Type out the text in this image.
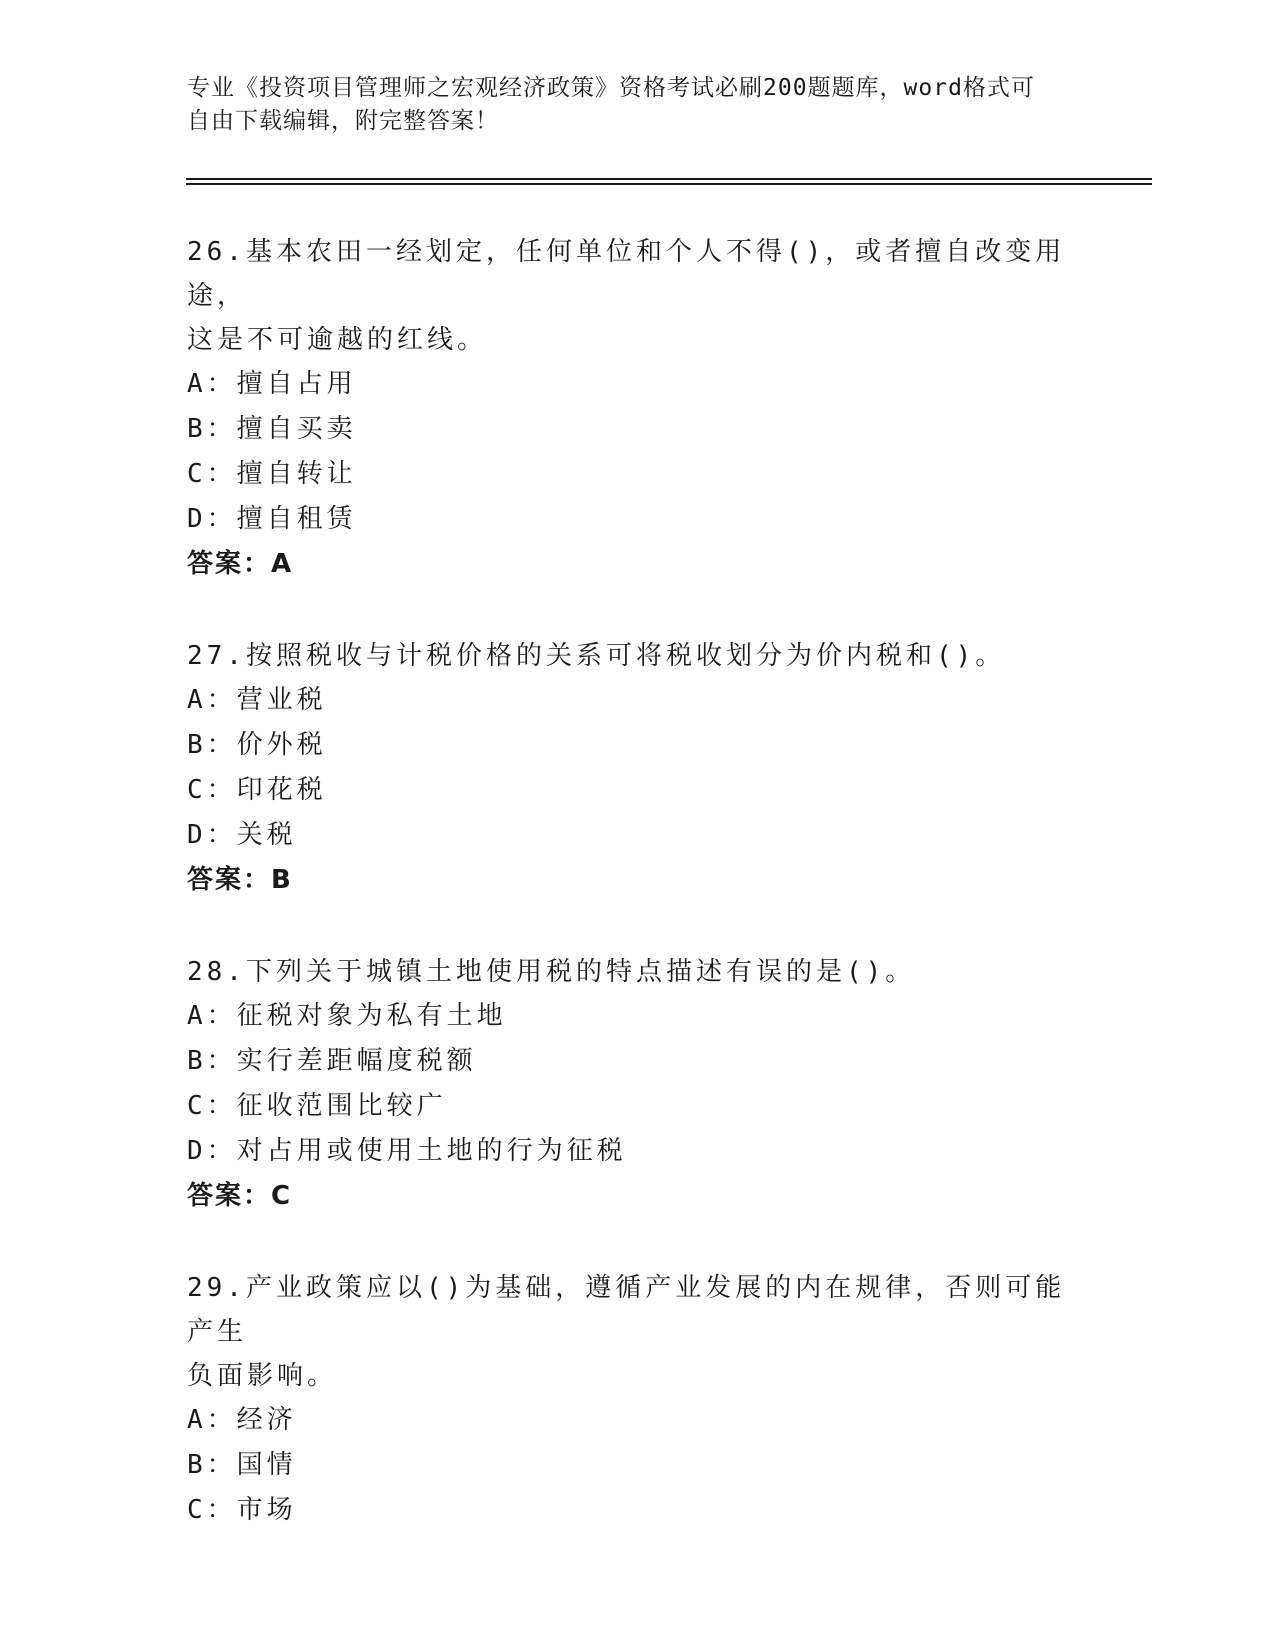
专业《投资项目管理师之宏观经济政策》资格考试必刷200题题库，word格式可
自由下载编辑，附完整答案！
26.基本农田一经划定，任何单位和个人不得()，或者擅自改变用途，
这是不可逾越的红线。
A：擅自占用
B：擅自买卖
C：擅自转让
D：擅自租赁
答案：A
27.按照税收与计税价格的关系可将税收划分为价内税和()。
A：营业税
B：价外税
C：印花税
D：关税
答案：B
28.下列关于城镇土地使用税的特点描述有误的是()。
A：征税对象为私有土地
B：实行差距幅度税额
C：征收范围比较广
D：对占用或使用土地的行为征税
答案：C
29.产业政策应以()为基础，遵循产业发展的内在规律，否则可能产生
负面影响。
A：经济
B：国情
C：市场
